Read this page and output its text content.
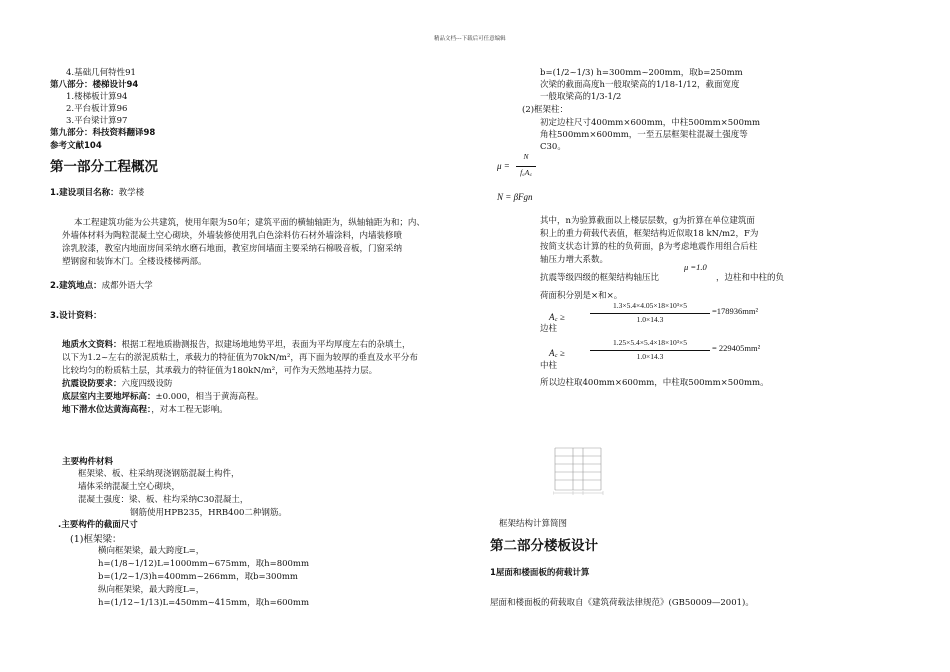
精品文档---下载后可任意编辑
4.基础几何特性91
第八部分：楼梯设计94
1.楼梯板计算94
2.平台板计算96
3.平台梁计算97
第九部分：科技资料翻译98
参考文献104
第一部分工程概况
1.建设项目名称：教学楼
本工程建筑功能为公共建筑，使用年限为50年；建筑平面的横轴轴距为，纵轴轴距为和；内、
外墙体材料为陶粒混凝土空心砌块，外墙装修使用乳白色涂料仿石材外墙涂料，内墙装修喷
涂乳胶漆，教室内地面房间采纳水磨石地面，教室房间墙面主要采纳石棉吸音板，门窗采纳
塑钢窗和装饰木门。全楼设楼梯两部。
2.建筑地点：成都外语大学
3.设计资料：
地质水文资料：根据工程地质勘测报告，拟建场地地势平坦，表面为平均厚度左右的杂填土，
以下为1.2~左右的淤泥质粘土，承载力的特征值为70kN/m²，再下面为较厚的垂直及水平分布
比较均匀的粉质粘土层，其承载力的特征值为180kN/m²，可作为天然地基持力层。
抗震设防要求：六度四级设防
底层室内主要地坪标高：±0.000，相当于黄海高程。
地下潜水位达黄海高程：，对本工程无影响。
主要构件材料
框架梁、板、柱采纳现浇钢筋混凝土构件，
墙体采纳混凝土空心砌块，
混凝土强度：梁、板、柱均采纳C30混凝土，
钢筋使用HPB235，HRB400二种钢筋。
.主要构件的截面尺寸
(1)框架梁：
横向框架梁，最大跨度L=，
h=(1/8~1/12)L=1000mm~675mm，取h=800mm
b=(1/2~1/3)h=400mm~266mm，取b=300mm
纵向框架梁，最大跨度L=，
h=(1/12~1/13)L=450mm~415mm，取h=600mm
b=(1/2~1/3) h=300mm~200mm，取b=250mm
次梁的截面高度h一般取梁高的1/18-1/12，截面宽度
一般取梁高的1/3-1/2
(2)框架柱：
初定边柱尺寸400mm×600mm，中柱500mm×500mm
角柱500mm×600mm，一至五层框架柱混凝土强度等
C30。
μ =
N
f꜀A꜀
N = βFgn
其中，n为验算截面以上楼层层数，g为折算在单位建筑面
积上的重力荷载代表值，框架结构近似取18 kN/m2，F为
按简支状态计算的柱的负荷面，β为考虑地震作用组合后柱
轴压力增大系数。
抗震等级四级的框架结构轴压比
μ =1.0
，边柱和中柱的负
荷面积分别是×和×。
A꜀ ≥
1.3×5.4×4.05×18×10³×5
1.0×14.3
=178936mm²
边柱
A꜀ ≥
1.25×5.4×5.4×18×10³×5
1.0×14.3
= 229405mm²
中柱
所以边柱取400mm×600mm，中柱取500mm×500mm。
框架结构计算简图
第二部分楼板设计
1屋面和楼面板的荷载计算
屋面和楼面板的荷载取自《建筑荷载法律规范》(GB50009—2001)。
